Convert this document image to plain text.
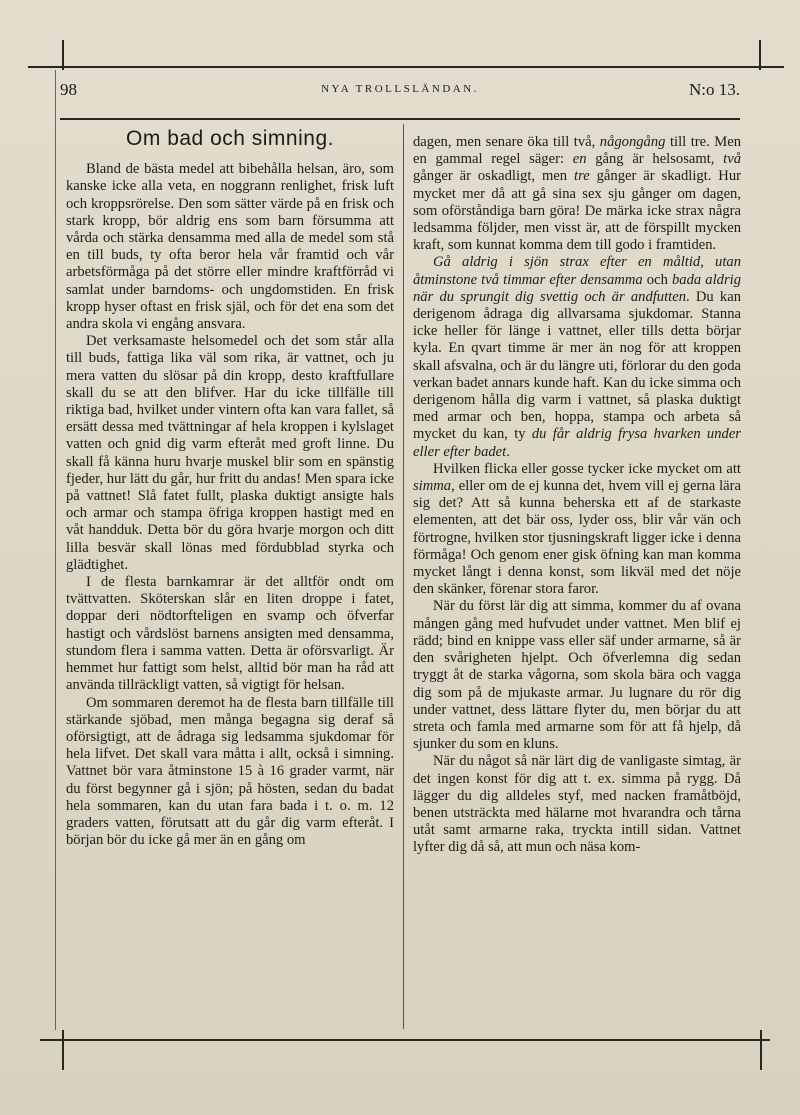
98	NYA TROLLSLÄNDAN.	N:o 13.
Om bad och simning.

Bland de bästa medel att bibehålla helsan, äro, som kanske icke alla veta, en noggrann renlighet, frisk luft och kroppsrörelse. Den som sätter värde på en frisk och stark kropp, bör aldrig ens som barn försumma att vårda och stärka densamma med alla de medel som stå en till buds, ty ofta beror hela vår framtid och vår arbetsförmåga på det större eller mindre kraftförråd vi samlat under barndoms- och ungdomstiden. En frisk kropp hyser oftast en frisk själ, och för det ena som det andra skola vi engång ansvara.

Det verksamaste helsomedel och det som står alla till buds, fattiga lika väl som rika, är vattnet, och ju mera vatten du slösar på din kropp, desto kraftfullare skall du se att den blifver. Har du icke tillfälle till riktiga bad, hvilket under vintern ofta kan vara fallet, så ersätt dessa med tvättningar af hela kroppen i kylslaget vatten och gnid dig varm efteråt med groft linne. Du skall få känna huru hvarje muskel blir som en spänstig fjeder, hur lätt du går, hur fritt du andas! Men spara icke på vattnet! Slå fatet fullt, plaska duktigt ansigte hals och armar och stampa öfriga kroppen hastigt med en våt handduk. Detta bör du göra hvarje morgon och ditt lilla besvär skall lönas med fördubblad styrka och glädtighet.

I de flesta barnkamrar är det alltför ondt om tvättvatten. Sköterskan slår en liten droppe i fatet, doppar deri nödtorfteligen en svamp och öfverfar hastigt och vårdslöst barnens ansigten med densamma, stundom flera i samma vatten. Detta är oförsvarligt. Är hemmet hur fattigt som helst, alltid bör man ha råd att använda tillräckligt vatten, så vigtigt för helsan.

Om sommaren deremot ha de flesta barn tillfälle till stärkande sjöbad, men många begagna sig deraf så oförsigtigt, att de ådraga sig ledsamma sjukdomar för hela lifvet. Det skall vara måtta i allt, också i simning. Vattnet bör vara åtminstone 15 à 16 grader varmt, när du först begynner gå i sjön; på hösten, sedan du badat hela sommaren, kan du utan fara bada i t. o. m. 12 graders vatten, förutsatt att du går dig varm efteråt. I början bör du icke gå mer än en gång om

dagen, men senare öka till två, någongång till tre. Men en gammal regel säger: en gång är helsosamt, två gånger är oskadligt, men tre gånger är skadligt. Hur mycket mer då att gå sina sex sju gånger om dagen, som oförståndiga barn göra! De märka icke strax några ledsamma följder, men visst är, att de förspillt mycken kraft, som kunnat komma dem till godo i framtiden.

Gå aldrig i sjön strax efter en måltid, utan åtminstone två timmar efter densamma och bada aldrig när du sprungit dig svettig och är andfutten. Du kan derigenom ådraga dig allvarsama sjukdomar. Stanna icke heller för länge i vattnet, eller tills detta börjar kyla. En qvart timme är mer än nog för att kroppen skall afsvalna, och är du längre uti, förlorar du den goda verkan badet annars kunde haft. Kan du icke simma och derigenom hålla dig varm i vattnet, så plaska duktigt med armar och ben, hoppa, stampa och arbeta så mycket du kan, ty du får aldrig frysa hvarken under eller efter badet.

Hvilken flicka eller gosse tycker icke mycket om att simma, eller om de ej kunna det, hvem vill ej gerna lära sig det? Att så kunna beherska ett af de starkaste elementen, att det bär oss, lyder oss, blir vår vän och förtrogne, hvilken stor tjusningskraft ligger icke i denna förmåga! Och genom ener gisk öfning kan man komma mycket långt i denna konst, som likväl med det nöje den skänker, förenar stora faror.

När du först lär dig att simma, kommer du af ovana mången gång med hufvudet under vattnet. Men blif ej rädd; bind en knippe vass eller säf under armarne, så är den svårigheten hjelpt. Och öfverlemna dig sedan tryggt åt de starka vågorna, som skola bära och vagga dig som på de mjukaste armar. Ju lugnare du rör dig under vattnet, dess lättare flyter du, men börjar du att streta och famla med armarne som för att få hjelp, då sjunker du som en kluns.

När du något så när lärt dig de vanligaste simtag, är det ingen konst för dig att t. ex. simma på rygg. Då lägger du dig alldeles styf, med nacken framåtböjd, benen utsträckta med hälarne mot hvarandra och tårna utåt samt armarne raka, tryckta intill sidan. Vattnet lyfter dig då så, att mun och näsa kom-
